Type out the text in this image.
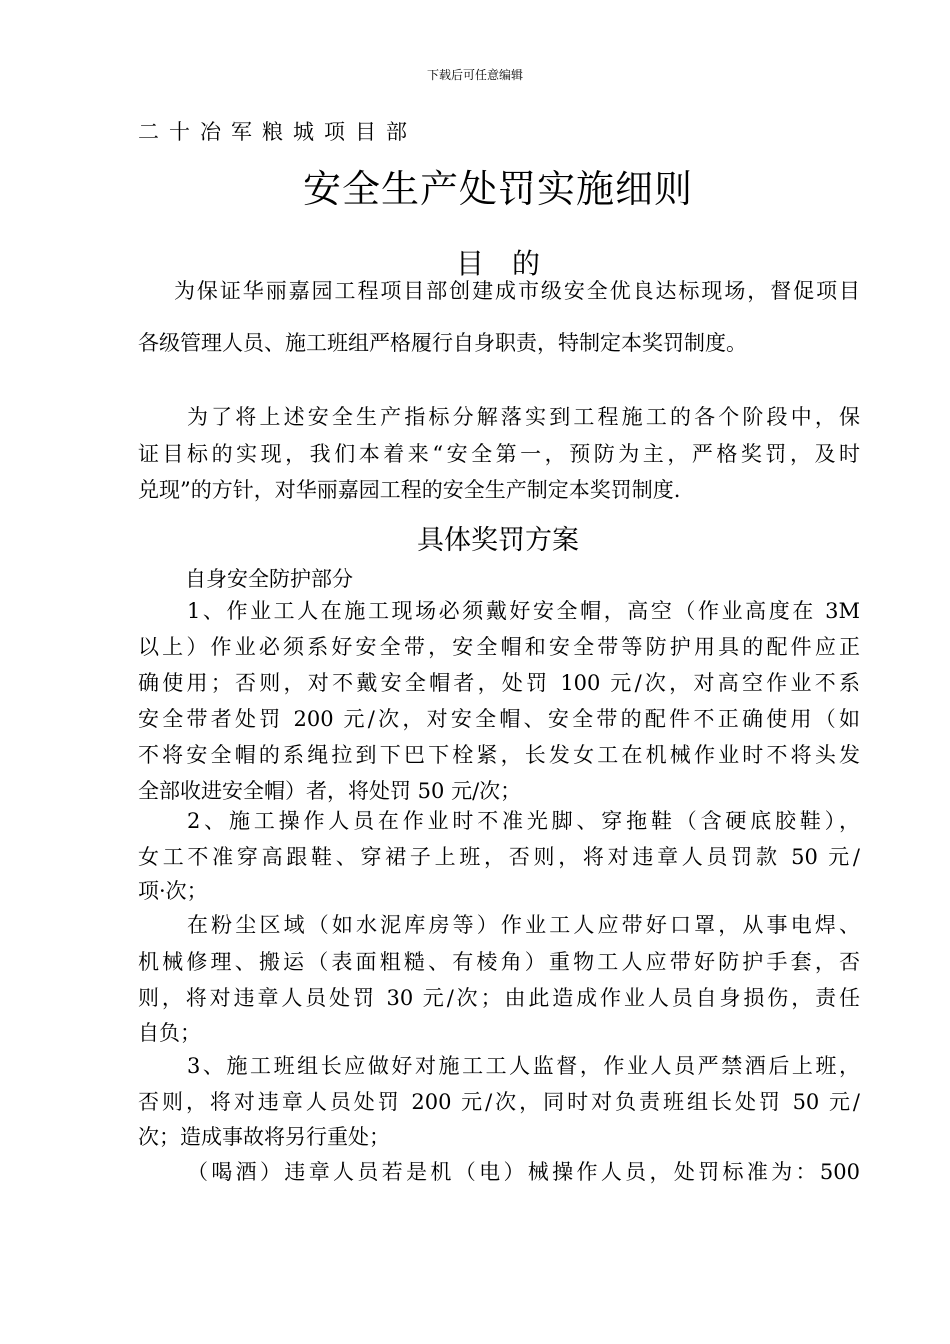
下载后可任意编辑

二十冶军粮城项目部

安全生产处罚实施细则
目　的

为保证华丽嘉园工程项目部创建成市级安全优良达标现场，督促项目

各级管理人员、施工班组严格履行自身职责，特制定本奖罚制度。

为了将上述安全生产指标分解落实到工程施工的各个阶段中，保

证目标的实现，我们本着来“安全第一，预防为主，严格奖罚，及时

兑现”的方针，对华丽嘉园工程的安全生产制定本奖罚制度.

具体奖罚方案
自身安全防护部分

1、作业工人在施工现场必须戴好安全帽，高空（作业高度在 3M

以上）作业必须系好安全带，安全帽和安全带等防护用具的配件应正

确使用；否则，对不戴安全帽者，处罚 100 元/次，对高空作业不系

安全带者处罚 200 元/次，对安全帽、安全带的配件不正确使用（如

不将安全帽的系绳拉到下巴下栓紧，长发女工在机械作业时不将头发

全部收进安全帽）者，将处罚 50 元/次；

2、施工操作人员在作业时不准光脚、穿拖鞋（含硬底胶鞋），

女工不准穿高跟鞋、穿裙子上班，否则，将对违章人员罚款 50 元/

项·次；

在粉尘区域（如水泥库房等）作业工人应带好口罩，从事电焊、

机械修理、搬运（表面粗糙、有棱角）重物工人应带好防护手套，否

则，将对违章人员处罚 30 元/次；由此造成作业人员自身损伤，责任

自负；

3、施工班组长应做好对施工工人监督，作业人员严禁酒后上班，

否则，将对违章人员处罚 200 元/次，同时对负责班组长处罚 50 元/

次；造成事故将另行重处；

（喝酒）违章人员若是机（电）械操作人员，处罚标准为：500
